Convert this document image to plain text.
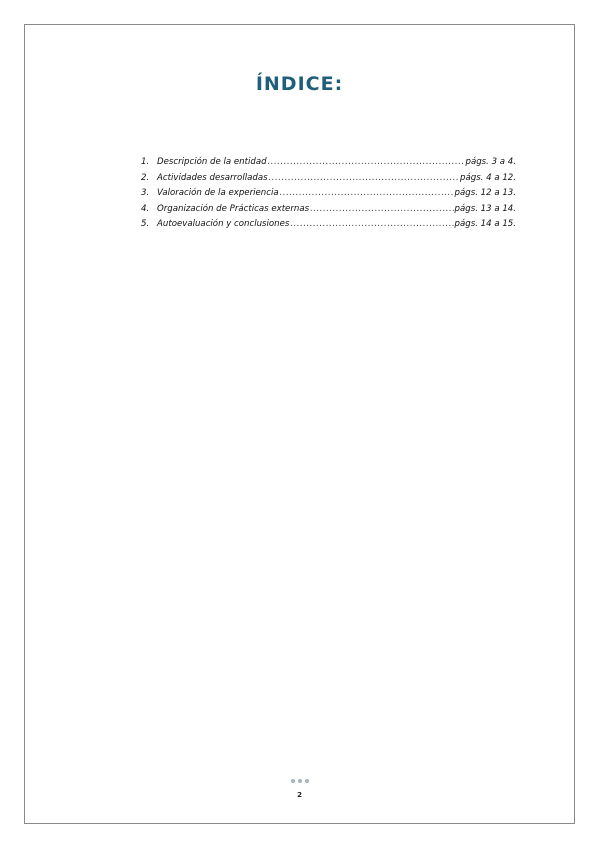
ÍNDICE:
1. Descripción de la entidad .....	págs. 3 a 4.
2. Actividades desarrolladas .....	págs. 4 a 12.
3. Valoración de la experiencia .....	págs. 12 a 13.
4. Organización de Prácticas externas .....	págs. 13 a 14.
5. Autoevaluación y conclusiones .....	págs. 14 a 15.
2
